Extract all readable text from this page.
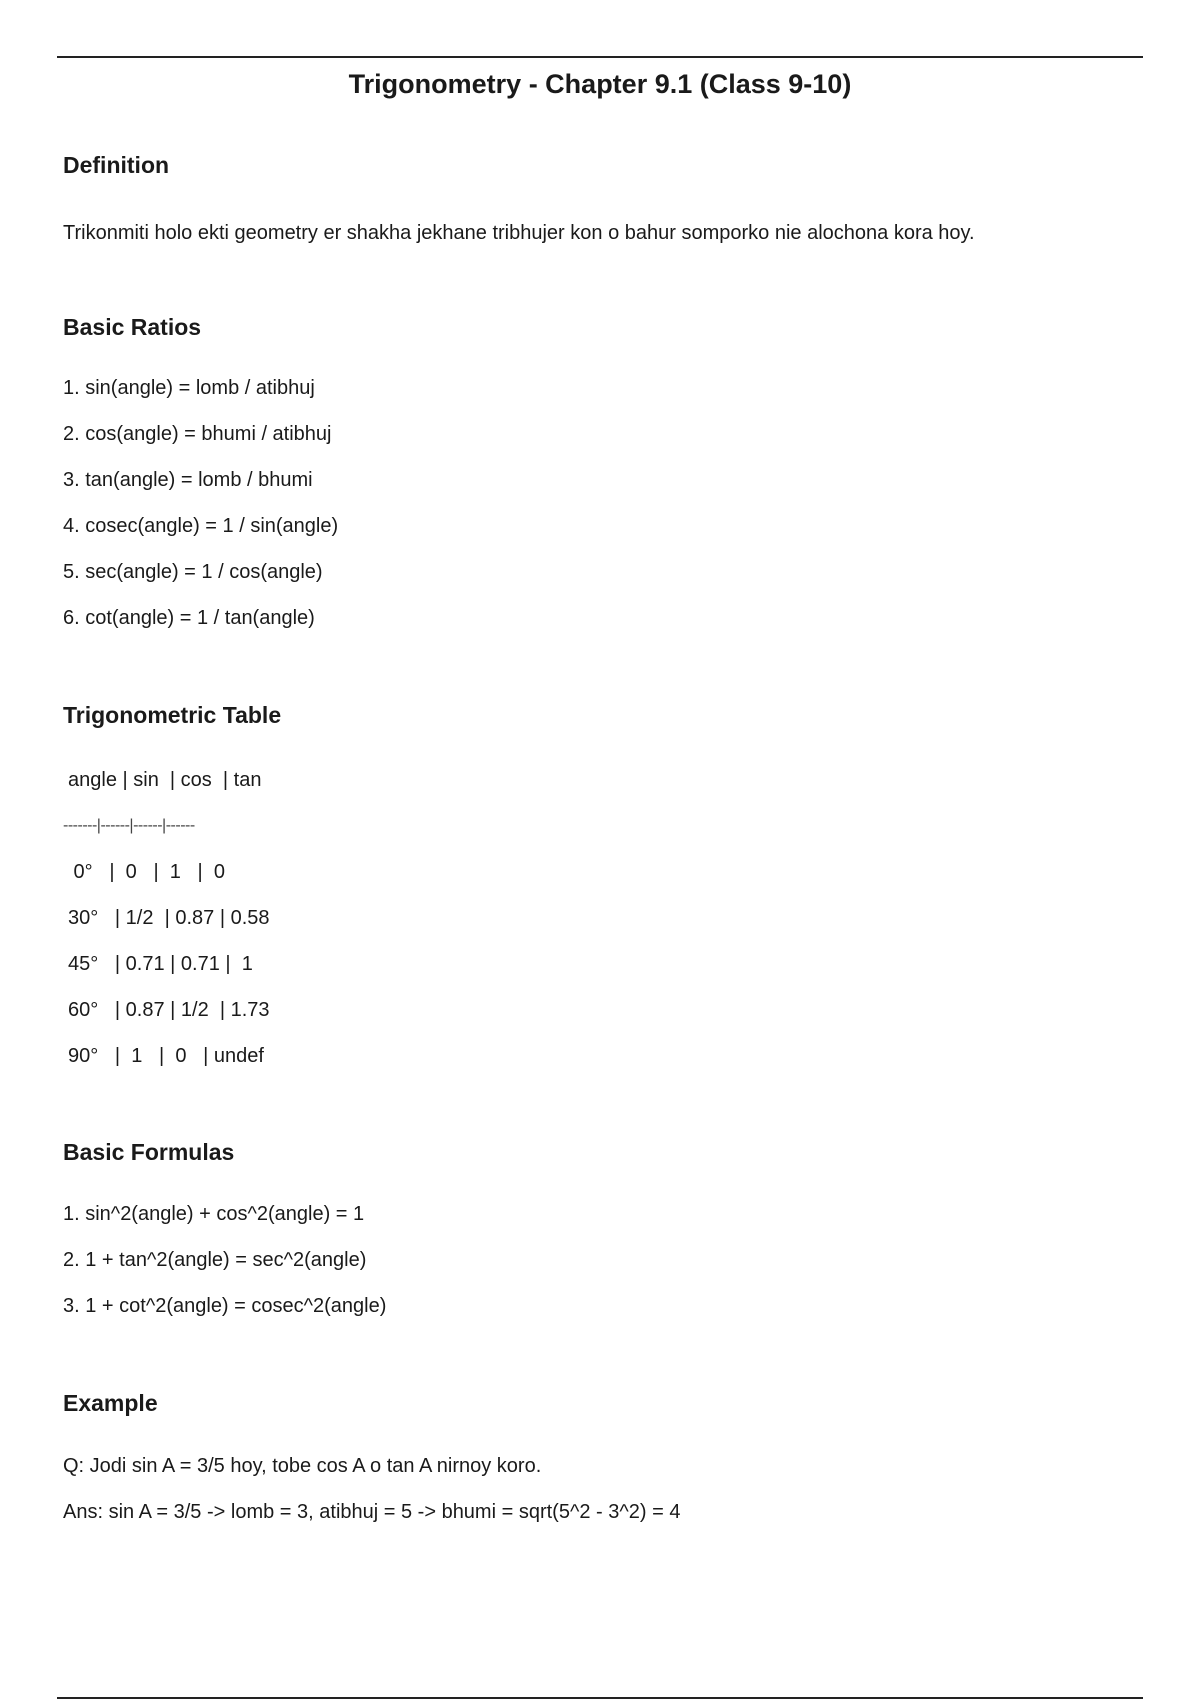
Trigonometry - Chapter 9.1 (Class 9-10)

Definition

Trikonmiti holo ekti geometry er shakha jekhane tribhujer kon o bahur somporko nie alochona kora hoy.

Basic Ratios

1. sin(angle) = lomb / atibhuj
2. cos(angle) = bhumi / atibhuj
3. tan(angle) = lomb / bhumi
4. cosec(angle) = 1 / sin(angle)
5. sec(angle) = 1 / cos(angle)
6. cot(angle) = 1 / tan(angle)

Trigonometric Table

angle | sin  | cos  | tan
-------|------|------|------
0°   |  0   |  1   |  0
30°   | 1/2  | 0.87 | 0.58
45°   | 0.71 | 0.71 |  1
60°   | 0.87 | 1/2  | 1.73
90°   |  1   |  0   | undef

Basic Formulas

1. sin^2(angle) + cos^2(angle) = 1
2. 1 + tan^2(angle) = sec^2(angle)
3. 1 + cot^2(angle) = cosec^2(angle)

Example

Q: Jodi sin A = 3/5 hoy, tobe cos A o tan A nirnoy koro.
Ans: sin A = 3/5 -> lomb = 3, atibhuj = 5 -> bhumi = sqrt(5^2 - 3^2) = 4
